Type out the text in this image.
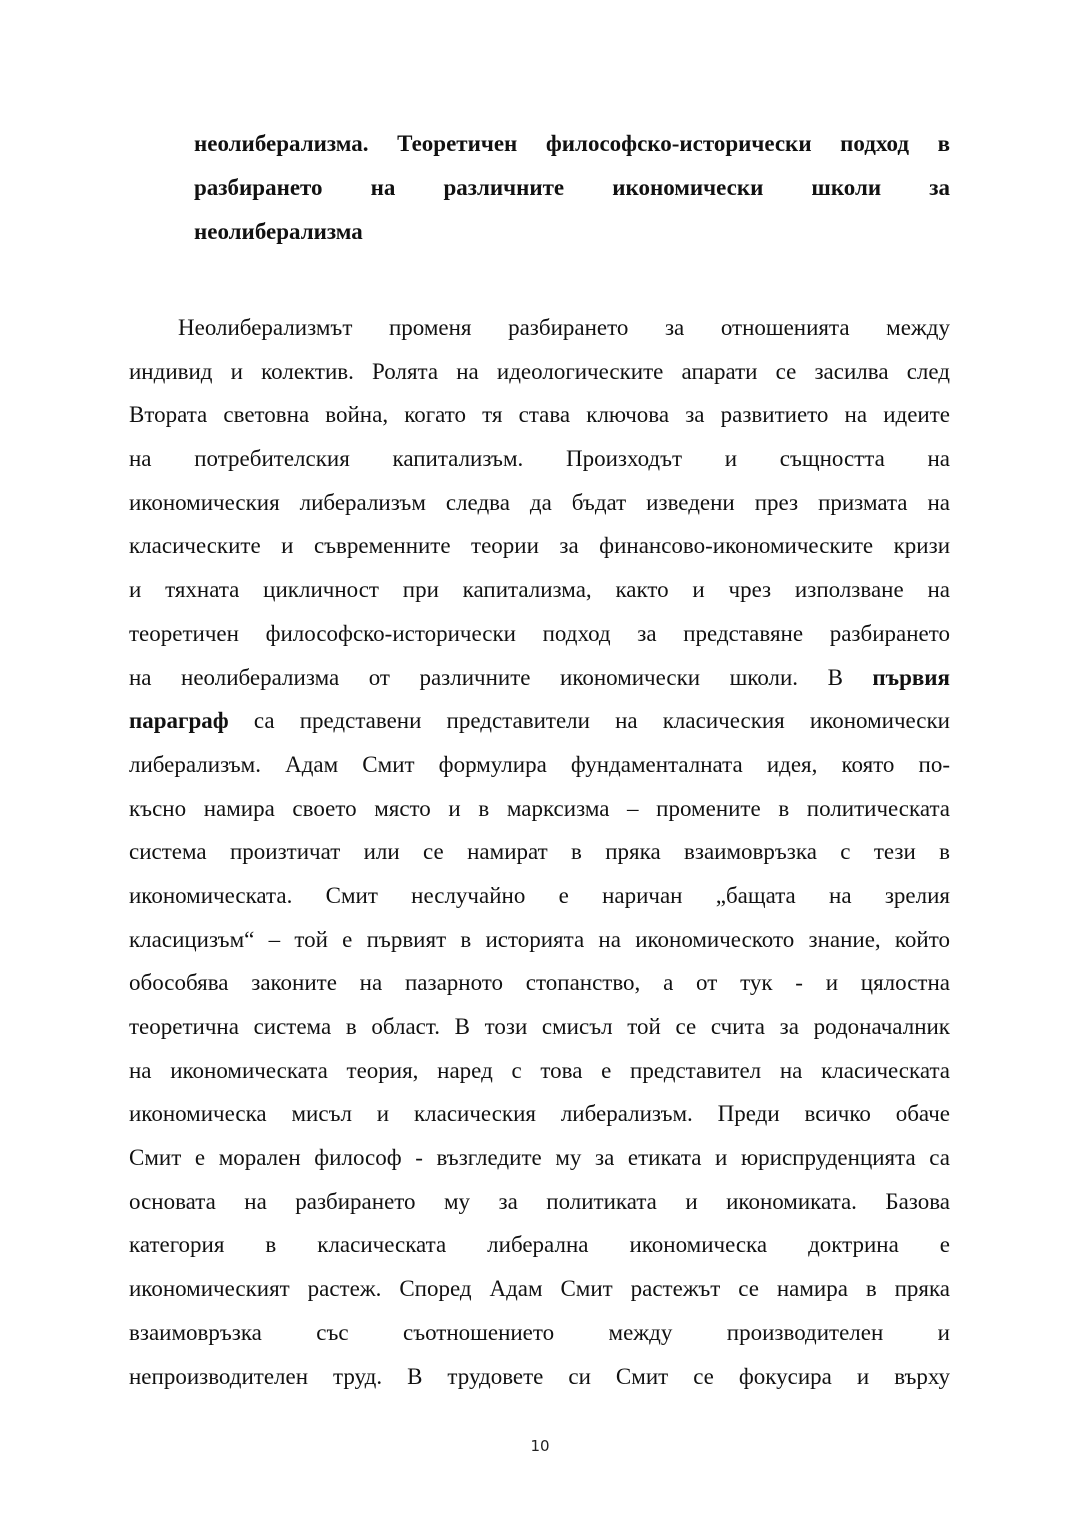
неолиберализма. Теоретичен философско-исторически подход в
разбирането на различните икономически школи за
неолиберализма
Неолиберализмът променя разбирането за отношенията между
индивид и колектив. Ролята на идеологическите апарати се засилва след
Втората световна война, когато тя става ключова за развитието на идеите
на потребителския капитализъм. Произходът и същността на
икономическия либерализъм следва да бъдат изведени през призмата на
класическите и съвременните теории за финансово-икономическите кризи
и тяхната цикличност при капитализма, както и чрез използване на
теоретичен философско-исторически подход за представяне разбирането
на неолиберализма от различните икономически школи. В първия
параграф са представени представители на класическия икономически
либерализъм. Адам Смит формулира фундаменталната идея, която по-
късно намира своето място и в марксизма – промените в политическата
система произтичат или се намират в пряка взаимовръзка с тези в
икономическата. Смит неслучайно е наричан „бащата на зрелия
класицизъм“ – той е първият в историята на икономическото знание, който
обособява законите на пазарното стопанство, а от тук - и цялостна
теоретична система в област. В този смисъл той се счита за родоначалник
на икономическата теория, наред с това е представител на класическата
икономическа мисъл и класическия либерализъм. Преди всичко обаче
Смит е морален философ - възгледите му за етиката и юриспруденцията са
основата на разбирането му за политиката и икономиката. Базова
категория в класическата либерална икономическа доктрина е
икономическият растеж. Според Адам Смит растежът се намира в пряка
взаимовръзка със съотношението между производителен и
непроизводителен труд. В трудовете си Смит се фокусира и върху
10
